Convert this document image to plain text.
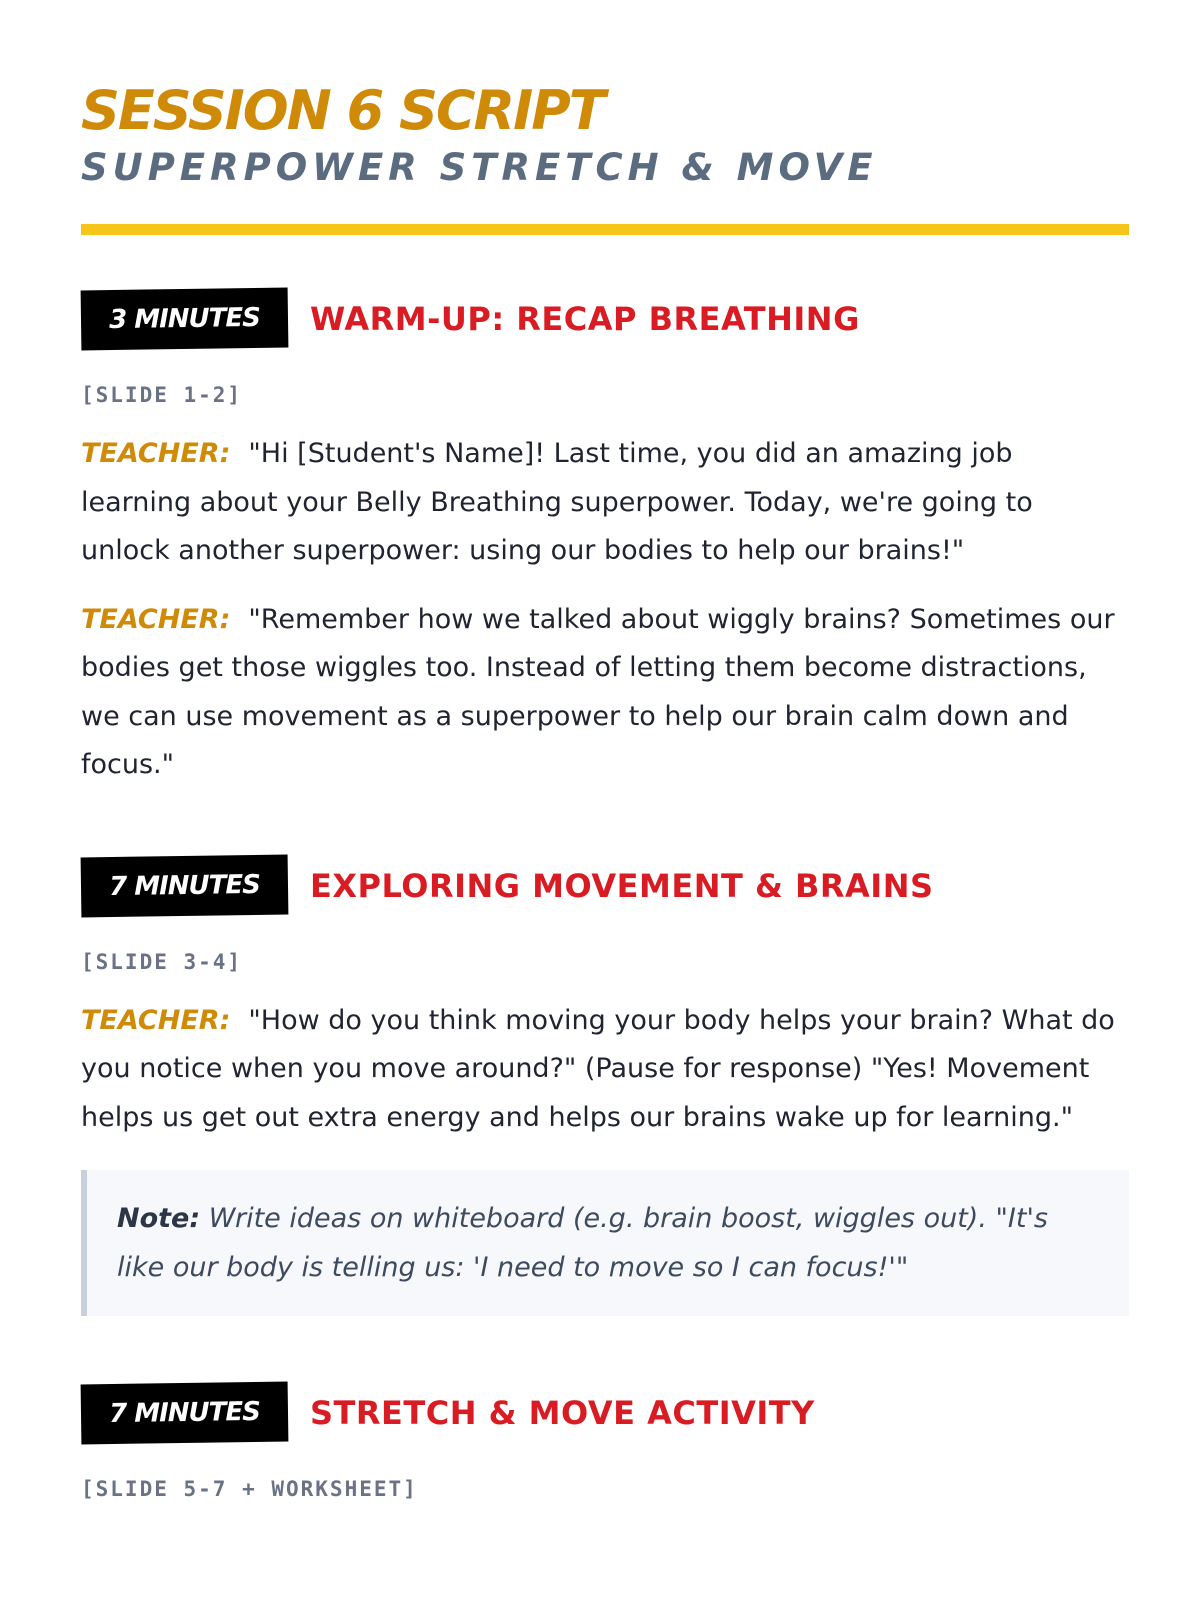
SESSION 6 SCRIPT
SUPERPOWER STRETCH & MOVE
3 MINUTES	WARM-UP: RECAP BREATHING
[SLIDE 1-2]

TEACHER: "Hi [Student's Name]! Last time, you did an amazing job learning about your Belly Breathing superpower. Today, we're going to unlock another superpower: using our bodies to help our brains!"

TEACHER: "Remember how we talked about wiggly brains? Sometimes our bodies get those wiggles too. Instead of letting them become distractions, we can use movement as a superpower to help our brain calm down and focus."

7 MINUTES	EXPLORING MOVEMENT & BRAINS
[SLIDE 3-4]

TEACHER: "How do you think moving your body helps your brain? What do you notice when you move around?" (Pause for response) "Yes! Movement helps us get out extra energy and helps our brains wake up for learning."

Note: Write ideas on whiteboard (e.g. brain boost, wiggles out). "It's like our body is telling us: 'I need to move so I can focus!'"
7 MINUTES	STRETCH & MOVE ACTIVITY
[SLIDE 5-7 + WORKSHEET]
